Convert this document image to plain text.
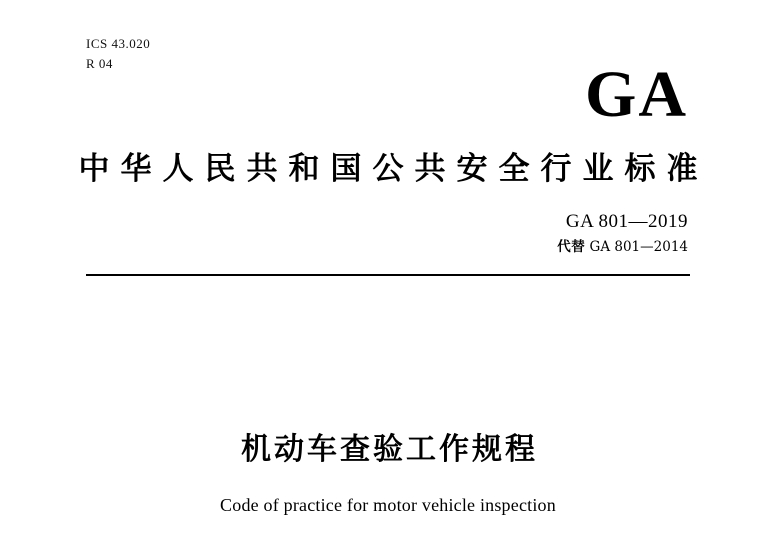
ICS 43.020
R 04	GA
中华人民共和国公共安全行业标准
GA 801—2019
代替 GA 801—2014
机动车查验工作规程
Code of practice for motor vehicle inspection
